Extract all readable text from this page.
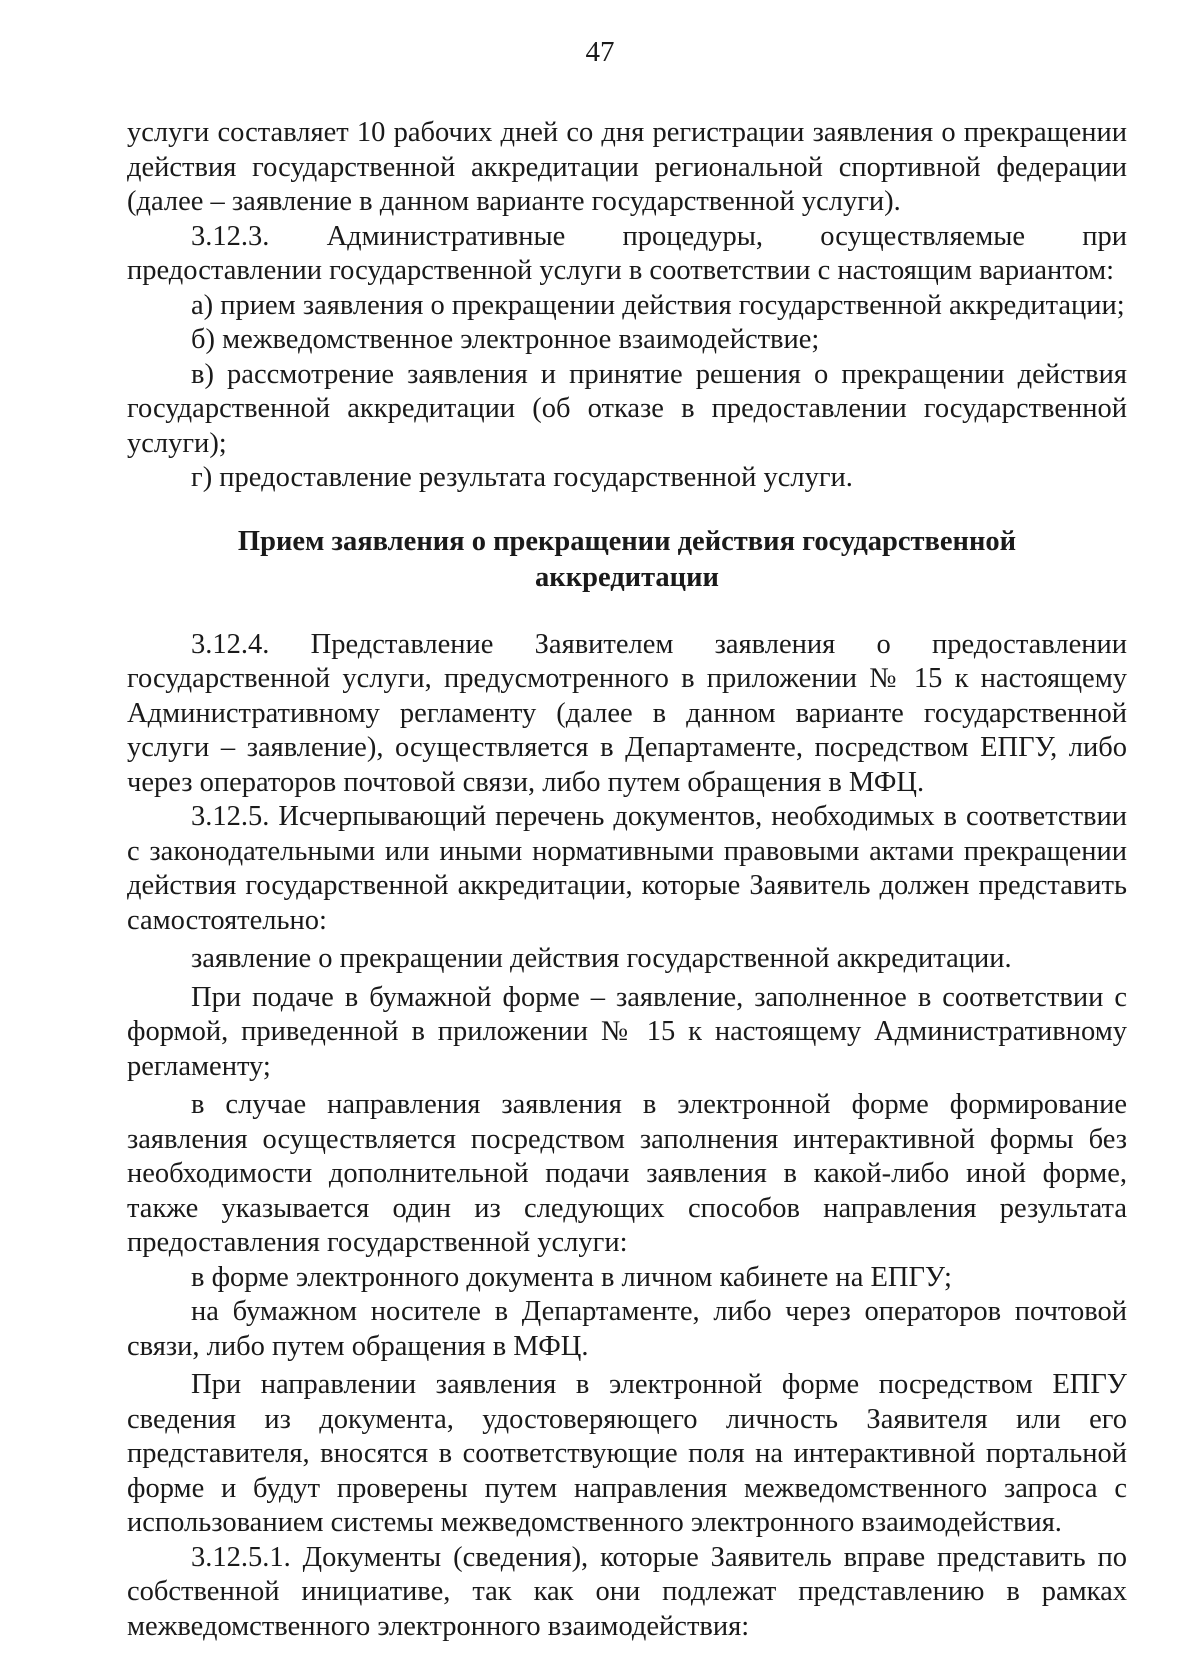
47

услуги составляет 10 рабочих дней со дня регистрации заявления о прекращении действия государственной аккредитации региональной спортивной федерации (далее – заявление в данном варианте государственной услуги).

3.12.3. Административные процедуры, осуществляемые при предоставлении государственной услуги в соответствии с настоящим вариантом:

а) прием заявления о прекращении действия государственной аккредитации;

б) межведомственное электронное взаимодействие;

в) рассмотрение заявления и принятие решения о прекращении действия государственной аккредитации (об отказе в предоставлении государственной услуги);

г) предоставление результата государственной услуги.

Прием заявления о прекращении действия государственной аккредитации

3.12.4. Представление Заявителем заявления о предоставлении государственной услуги, предусмотренного в приложении № 15 к настоящему Административному регламенту (далее в данном варианте государственной услуги – заявление), осуществляется в Департаменте, посредством ЕПГУ, либо через операторов почтовой связи, либо путем обращения в МФЦ.

3.12.5. Исчерпывающий перечень документов, необходимых в соответствии с законодательными или иными нормативными правовыми актами прекращении действия государственной аккредитации, которые Заявитель должен представить самостоятельно:

заявление о прекращении действия государственной аккредитации.

При подаче в бумажной форме – заявление, заполненное в соответствии с формой, приведенной в приложении № 15 к настоящему Административному регламенту;

в случае направления заявления в электронной форме формирование заявления осуществляется посредством заполнения интерактивной формы без необходимости дополнительной подачи заявления в какой-либо иной форме, также указывается один из следующих способов направления результата предоставления государственной услуги:

в форме электронного документа в личном кабинете на ЕПГУ;

на бумажном носителе в Департаменте, либо через операторов почтовой связи, либо путем обращения в МФЦ.

При направлении заявления в электронной форме посредством ЕПГУ сведения из документа, удостоверяющего личность Заявителя или его представителя, вносятся в соответствующие поля на интерактивной портальной форме и будут проверены путем направления межведомственного запроса с использованием системы межведомственного электронного взаимодействия.

3.12.5.1. Документы (сведения), которые Заявитель вправе представить по собственной инициативе, так как они подлежат представлению в рамках межведомственного электронного взаимодействия:
